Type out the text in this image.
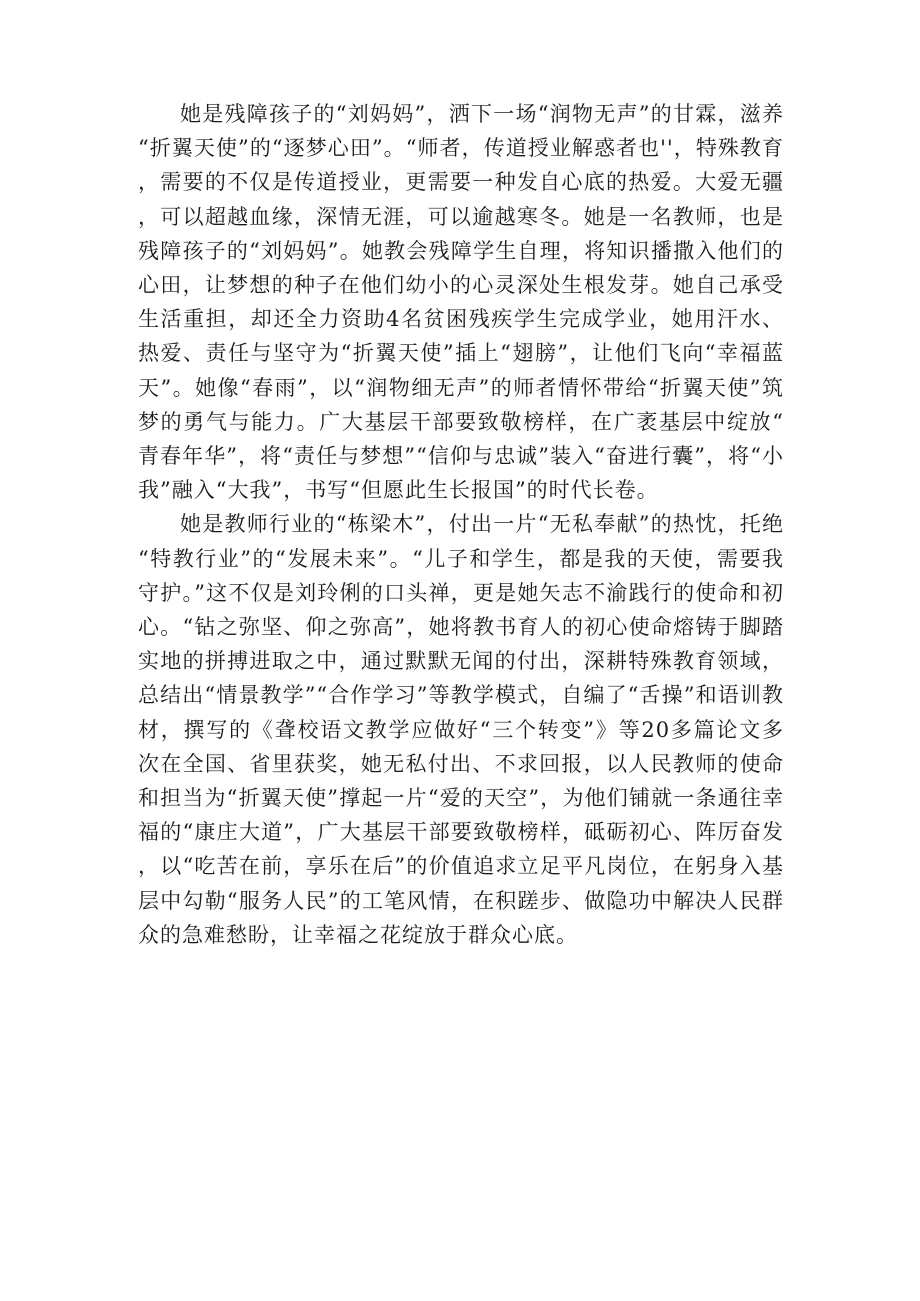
她是残障孩子的“刘妈妈”，洒下一场“润物无声”的甘霖，滋养“折翼天使”的“逐梦心田”。“师者，传道授业解惑者也''，特殊教育，需要的不仅是传道授业，更需要一种发自心底的热爱。大爱无疆，可以超越血缘，深情无涯，可以逾越寒冬。她是一名教师，也是残障孩子的“刘妈妈”。她教会残障学生自理，将知识播撒入他们的心田，让梦想的种子在他们幼小的心灵深处生根发芽。她自己承受生活重担，却还全力资助4名贫困残疾学生完成学业，她用汗水、热爱、责任与坚守为“折翼天使”插上“翅膀”，让他们飞向“幸福蓝天”。她像“春雨”，以“润物细无声”的师者情怀带给“折翼天使”筑梦的勇气与能力。广大基层干部要致敬榜样，在广袤基层中绽放“青春年华”，将“责任与梦想”“信仰与忠诚”装入“奋进行囊”，将“小我”融入“大我”，书写“但愿此生长报国”的时代长卷。

她是教师行业的“栋梁木”，付出一片“无私奉献”的热忱，托绝“特教行业”的“发展未来”。“儿子和学生，都是我的天使，需要我守护。”这不仅是刘玲俐的口头禅，更是她矢志不渝践行的使命和初心。“钻之弥坚、仰之弥高”，她将教书育人的初心使命熔铸于脚踏实地的拼搏进取之中，通过默默无闻的付出，深耕特殊教育领域，总结出“情景教学”“合作学习”等教学模式，自编了“舌操”和语训教材，撰写的《聋校语文教学应做好“三个转变”》等20多篇论文多次在全国、省里获奖，她无私付出、不求回报，以人民教师的使命和担当为“折翼天使”撑起一片“爱的天空”，为他们铺就一条通往幸福的“康庄大道”，广大基层干部要致敬榜样，砥砺初心、阵厉奋发，以“吃苦在前，享乐在后”的价值追求立足平凡岗位，在躬身入基层中勾勒“服务人民”的工笔风情，在积蹉步、做隐功中解决人民群众的急难愁盼，让幸福之花绽放于群众心底。
